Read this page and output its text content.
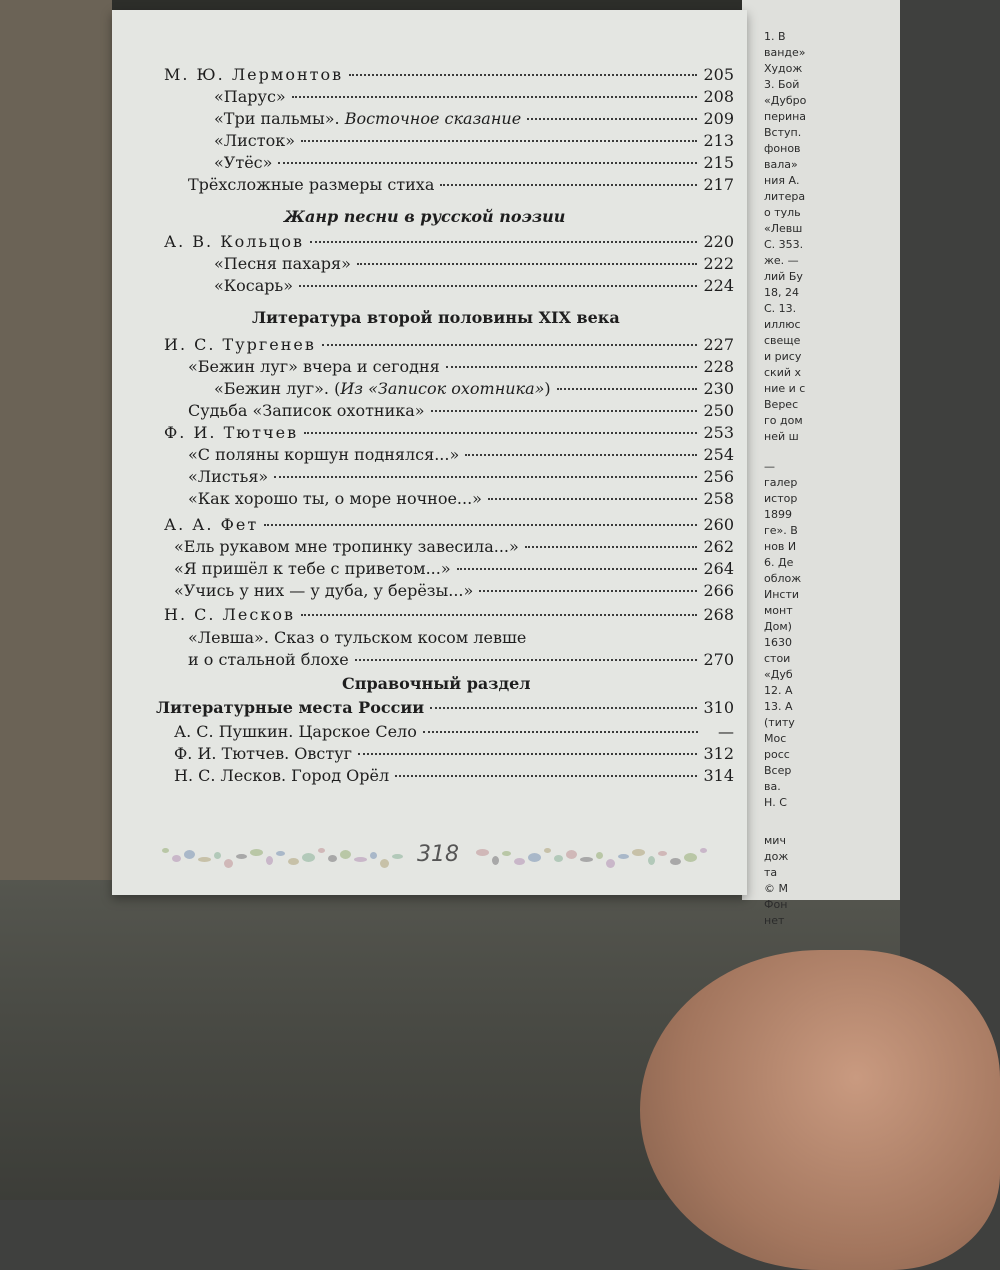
1. В
ванде»
Худож
3. Бой
«Дубро
перина
Вступ.
фонов
вала»
ния А.
литера
о туль
«Левш
С. 353.
же. —
лий Бу
18, 24
С. 13.
иллюс
свеще
и рису
ский х
ние и с
Верес
го дом
ней ш
—
галер
истор
1899
ге». В
нов И
6. Де
облож
Инсти
монт
Дом)
1630
стои
«Дуб
12. А
13. А
(титу
Мос
росс
Всер
ва.
Н. С
мич
дож
та
© М
Фон
нет
М. Ю. Лермонтов	205
«Парус»	208
«Три пальмы». Восточное сказание	209
«Листок»	213
«Утёс»	215
Трёхсложные размеры стиха	217
Жанр песни в русской поэзии
А. В. Кольцов	220
«Песня пахаря»	222
«Косарь»	224
Литература второй половины XIX века
И. С. Тургенев	227
«Бежин луг» вчера и сегодня	228
«Бежин луг». (Из «Записок охотника»)	230
Судьба «Записок охотника»	250
Ф. И. Тютчев	253
«С поляны коршун поднялся...»	254
«Листья»	256
«Как хорошо ты, о море ночное...»	258
А. А. Фет	260
«Ель рукавом мне тропинку завесила...»	262
«Я пришёл к тебе с приветом...»	264
«Учись у них — у дуба, у берёзы...»	266
Н. С. Лесков	268
«Левша». Сказ о тульском косом левше
и о стальной блохе	270
Справочный раздел
Литературные места России	310
А. С. Пушкин. Царское Село	—
Ф. И. Тютчев. Овстуг	312
Н. С. Лесков. Город Орёл	314
318
